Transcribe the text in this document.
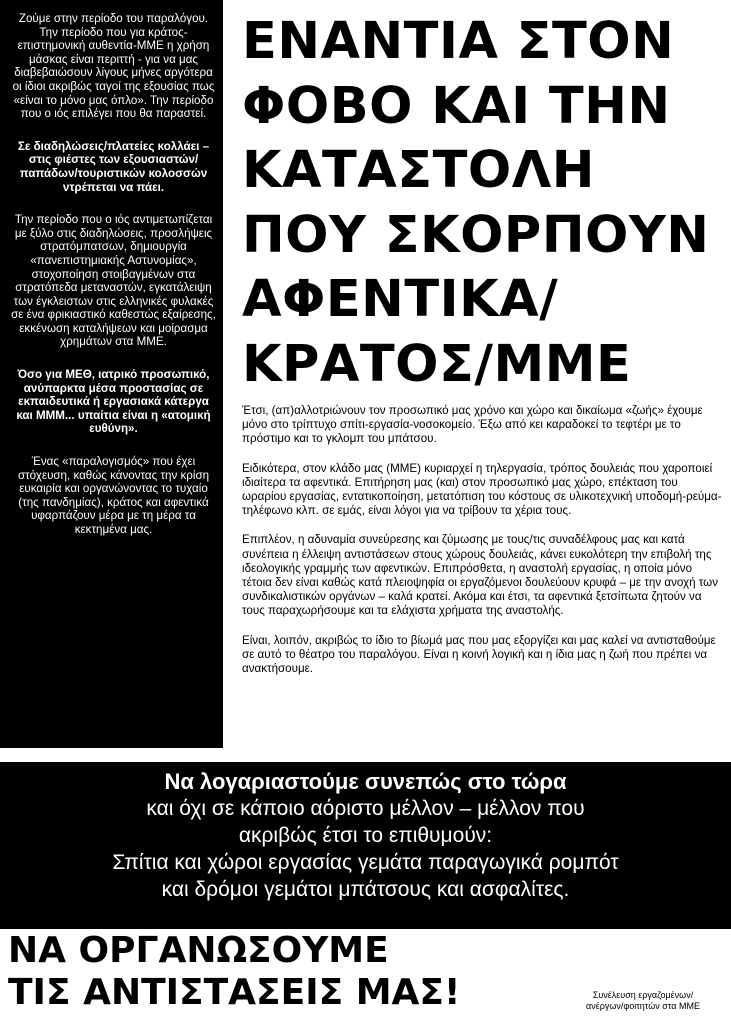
Ζούμε στην περίοδο του παραλόγου. Την περίοδο που για κράτος-επιστημονική αυθεντία-ΜΜΕ η χρήση μάσκας είναι περιττή - για να μας διαβεβαιώσουν λίγους μήνες αργότερα οι ίδιοι ακριβώς ταγοί της εξουσίας πως «είναι το μόνο μας όπλο». Την περίοδο που ο ιός επιλέγει που θα παραστεί.

Σε διαδηλώσεις/πλατείες κολλάει – στις φιέστες των εξουσιαστών/παπάδων/τουριστικών κολοσσών ντρέπεται να πάει.

Την περίοδο που ο ιός αντιμετωπίζεται με ξύλο στις διαδηλώσεις, προσλήψεις στρατόμπατσων, δημιουργία «πανεπιστημιακής Αστυνομίας», στοχοποίηση στοιβαγμένων στα στρατόπεδα μεταναστών, εγκατάλειψη των έγκλειστων στις ελληνικές φυλακές σε ένα φρικιαστικό καθεστώς εξαίρεσης, εκκένωση καταλήψεων και μοίρασμα χρημάτων στα ΜΜΕ.

Όσο για ΜΕΘ, ιατρικό προσωπικό, ανύπαρκτα μέσα προστασίας σε εκπαιδευτικά ή εργασιακά κάτεργα και ΜΜΜ... υπαίτια είναι η «ατομική ευθύνη».

Ένας «παραλογισμός» που έχει στόχευση, καθώς κάνοντας την κρίση ευκαιρία και οργανώνοντας το τυχαίο (της πανδημίας), κράτος και αφεντικά υφαρπάζουν μέρα με τη μέρα τα κεκτημένα μας.

ΕΝΑΝΤΙΑ ΣΤΟΝ
ΦΟΒΟ ΚΑΙ ΤΗΝ
ΚΑΤΑΣΤΟΛΗ
ΠΟΥ ΣΚΟΡΠΟΥΝ
ΑΦΕΝΤΙΚΑ/
ΚΡΑΤΟΣ/ΜΜΕ

Έτσι, (απ)αλλοτριώνουν τον προσωπικό μας χρόνο και χώρο και δικαίωμα «ζωής» έχουμε μόνο στο τρίπτυχο σπίτι-εργασία-νοσοκομείο. Έξω από κει καραδοκεί το τεφτέρι με το πρόστιμο και το γκλομπ του μπάτσου.

Ειδικότερα, στον κλάδο μας (ΜΜΕ) κυριαρχεί η τηλεργασία, τρόπος δουλειάς που χαροποιεί ιδιαίτερα τα αφεντικά. Επιτήρηση μας (και) στον προσωπικό μας χώρο, επέκταση του ωραρίου εργασίας, εντατικοποίηση, μετατόπιση του κόστους σε υλικοτεχνική υποδομή-ρεύμα-τηλέφωνο κλπ. σε εμάς, είναι λόγοι για να τρίβουν τα χέρια τους.

Επιπλέον, η αδυναμία συνεύρεσης και ζύμωσης με τους/τις συναδέλφους μας και κατά συνέπεια η έλλειψη αντιστάσεων στους χώρους δουλειάς, κάνει ευκολότερη την επιβολή της ιδεολογικής γραμμής των αφεντικών. Επιπρόσθετα, η αναστολή εργασίας, η οποία μόνο τέτοια δεν είναι καθώς κατά πλειοψηφία οι εργαζόμενοι δουλεύουν κρυφά – με την ανοχή των συνδικαλιστικών οργάνων – καλά κρατεί. Ακόμα και έτσι, τα αφεντικά ξετσίπωτα ζητούν να τους παραχωρήσουμε και τα ελάχιστα χρήματα της αναστολής.

Είναι, λοιπόν, ακριβώς το ίδιο το βίωμά μας που μας εξοργίζει και μας καλεί να αντισταθούμε σε αυτό το θέατρο του παραλόγου. Είναι η κοινή λογική και η ίδια μας η ζωή που πρέπει να ανακτήσουμε.

Να λογαριαστούμε συνεπώς στο τώρα
και όχι σε κάποιο αόριστο μέλλον – μέλλον που
ακριβώς έτσι το επιθυμούν:
Σπίτια και χώροι εργασίας γεμάτα παραγωγικά ρομπότ
και δρόμοι γεμάτοι μπάτσους και ασφαλίτες.
ΝΑ ΟΡΓΑΝΩΣΟΥΜΕ
ΤΙΣ ΑΝΤΙΣΤΑΣΕΙΣ ΜΑΣ!	Συνέλευση εργαζομένων/
ανέργων/φοιτητών στα ΜΜΕ
